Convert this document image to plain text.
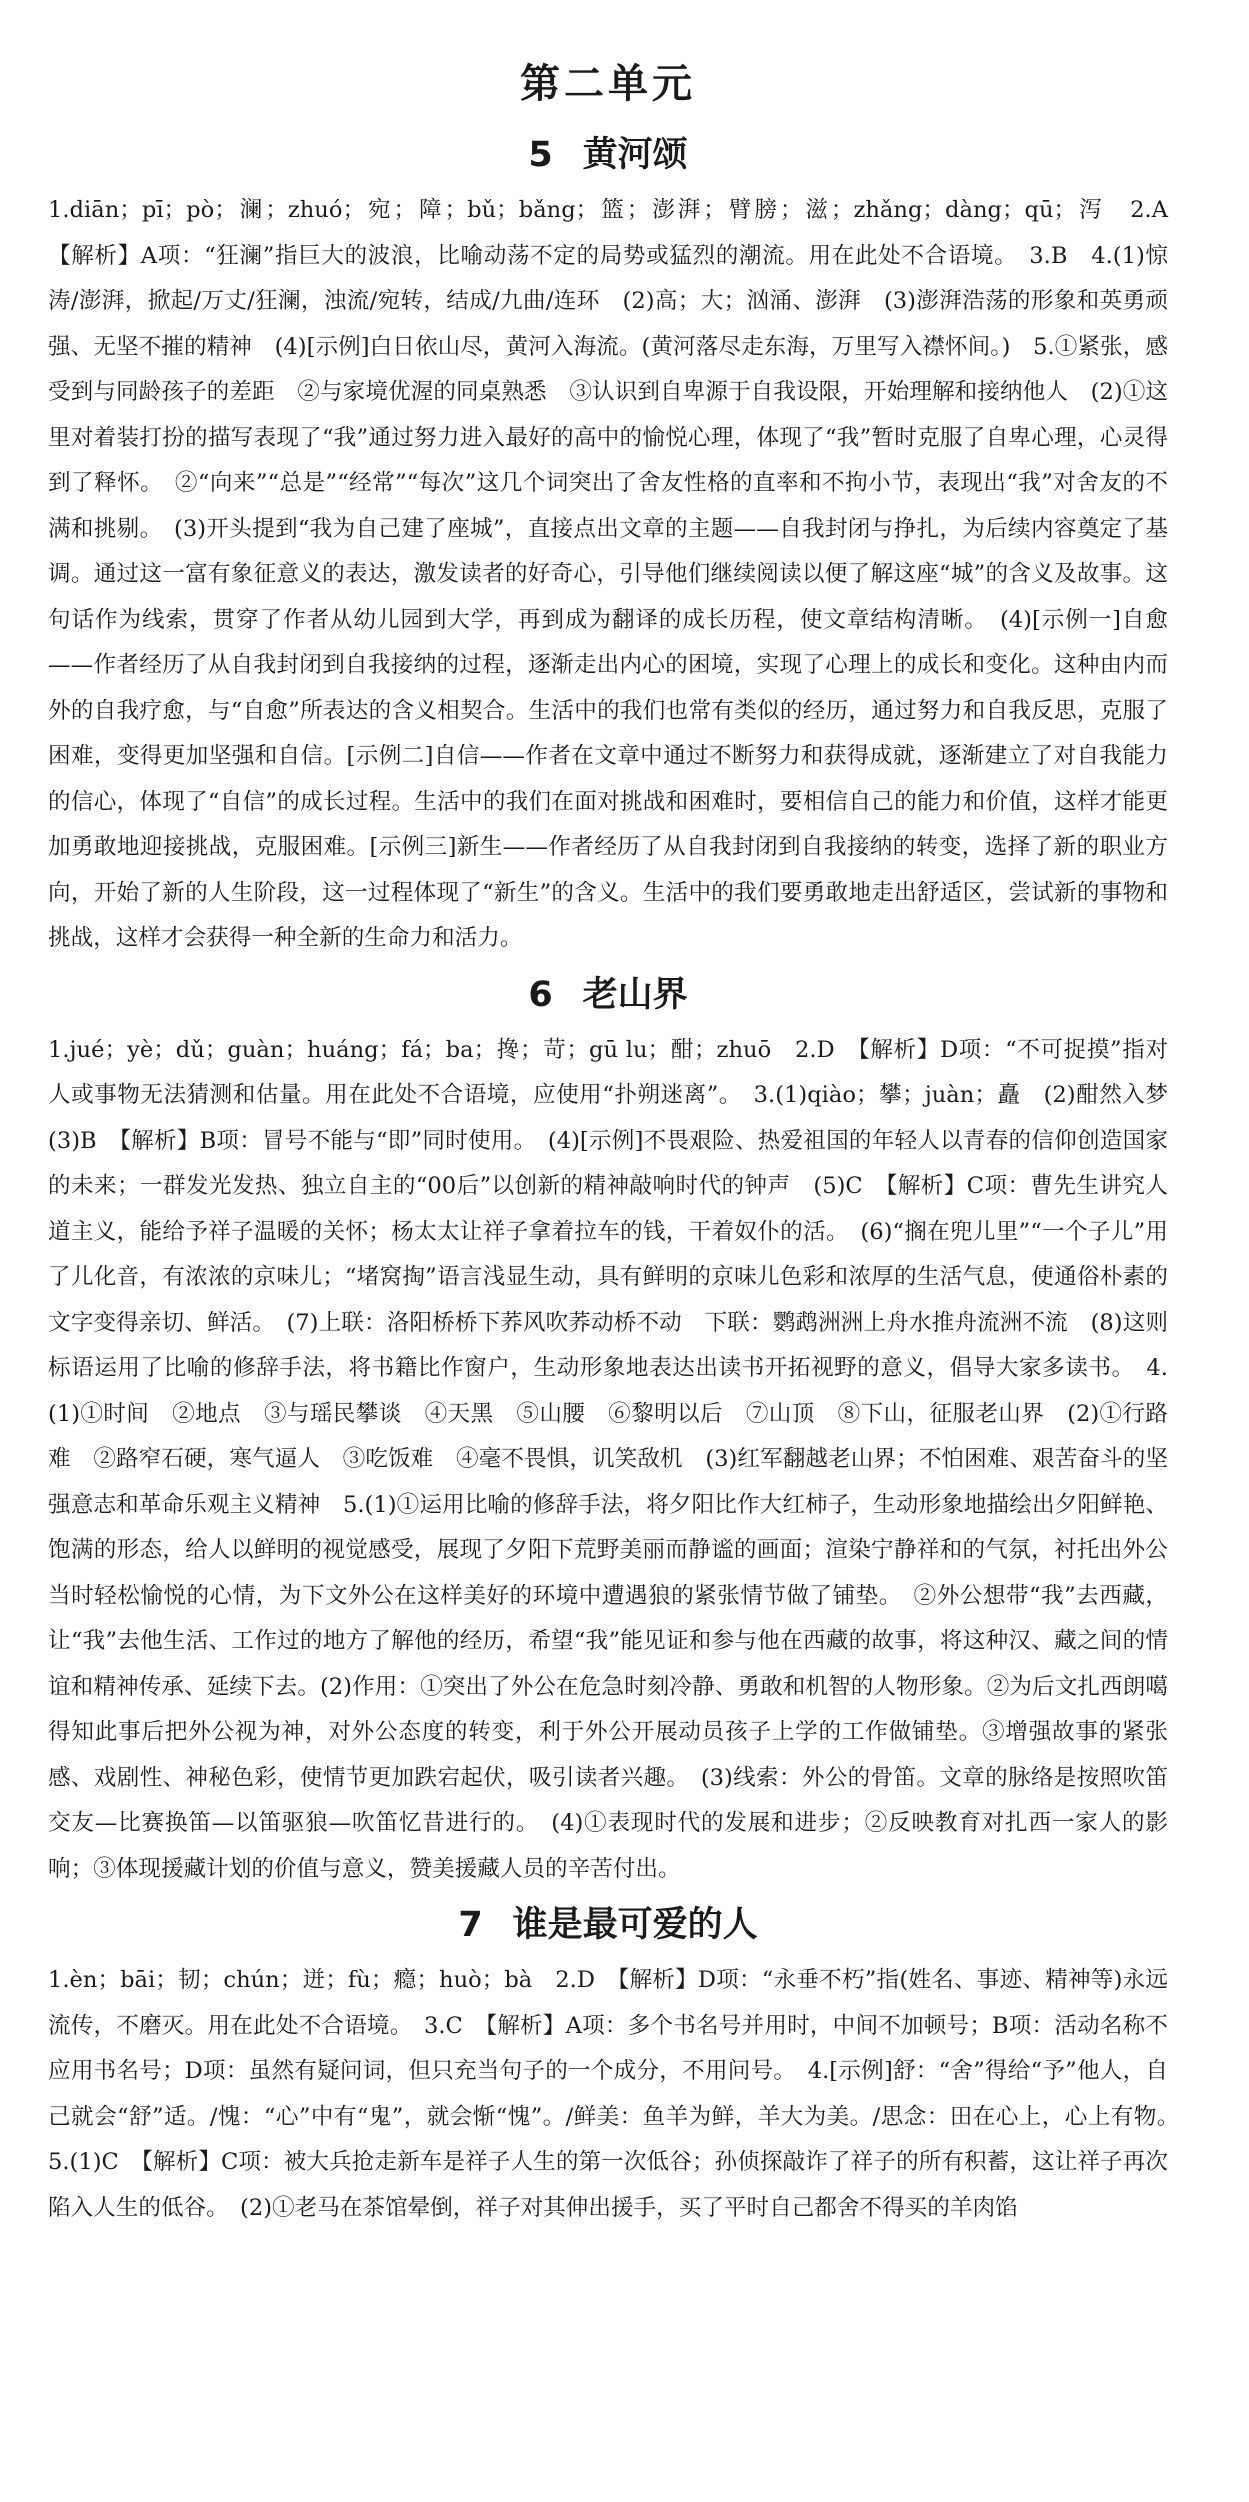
第二单元
5 黄河颂

1.diān；pī；pò；澜；zhuó；宛；障；bǔ；bǎng；篮；澎湃；臂膀；滋；zhǎng；dàng；qū；泻　2.A　【解析】A项：“狂澜”指巨大的波浪，比喻动荡不定的局势或猛烈的潮流。用在此处不合语境。　3.B　4.(1)惊涛/澎湃，掀起/万丈/狂澜，浊流/宛转，结成/九曲/连环　(2)高；大；汹涌、澎湃　(3)澎湃浩荡的形象和英勇顽强、无坚不摧的精神　(4)[示例]白日依山尽，黄河入海流。(黄河落尽走东海，万里写入襟怀间。)　5.①紧张，感受到与同龄孩子的差距　②与家境优渥的同桌熟悉　③认识到自卑源于自我设限，开始理解和接纳他人　(2)①这里对着装打扮的描写表现了“我”通过努力进入最好的高中的愉悦心理，体现了“我”暂时克服了自卑心理，心灵得到了释怀。　②“向来”“总是”“经常”“每次”这几个词突出了舍友性格的直率和不拘小节，表现出“我”对舍友的不满和挑剔。　(3)开头提到“我为自己建了座城”，直接点出文章的主题——自我封闭与挣扎，为后续内容奠定了基调。通过这一富有象征意义的表达，激发读者的好奇心，引导他们继续阅读以便了解这座“城”的含义及故事。这句话作为线索，贯穿了作者从幼儿园到大学，再到成为翻译的成长历程，使文章结构清晰。　(4)[示例一]自愈——作者经历了从自我封闭到自我接纳的过程，逐渐走出内心的困境，实现了心理上的成长和变化。这种由内而外的自我疗愈，与“自愈”所表达的含义相契合。生活中的我们也常有类似的经历，通过努力和自我反思，克服了困难，变得更加坚强和自信。[示例二]自信——作者在文章中通过不断努力和获得成就，逐渐建立了对自我能力的信心，体现了“自信”的成长过程。生活中的我们在面对挑战和困难时，要相信自己的能力和价值，这样才能更加勇敢地迎接挑战，克服困难。[示例三]新生——作者经历了从自我封闭到自我接纳的转变，选择了新的职业方向，开始了新的人生阶段，这一过程体现了“新生”的含义。生活中的我们要勇敢地走出舒适区，尝试新的事物和挑战，这样才会获得一种全新的生命力和活力。

6 老山界

1.jué；yè；dǔ；guàn；huáng；fá；ba；搀；苛；gū lu；酣；zhuō　2.D　【解析】D项：“不可捉摸”指对人或事物无法猜测和估量。用在此处不合语境，应使用“扑朔迷离”。　3.(1)qiào；攀；juàn；矗　(2)酣然入梦　(3)B　【解析】B项：冒号不能与“即”同时使用。　(4)[示例]不畏艰险、热爱祖国的年轻人以青春的信仰创造国家的未来；一群发光发热、独立自主的“00后”以创新的精神敲响时代的钟声　(5)C　【解析】C项：曹先生讲究人道主义，能给予祥子温暖的关怀；杨太太让祥子拿着拉车的钱，干着奴仆的活。　(6)“搁在兜儿里”“一个子儿”用了儿化音，有浓浓的京味儿；“堵窝掏”语言浅显生动，具有鲜明的京味儿色彩和浓厚的生活气息，使通俗朴素的文字变得亲切、鲜活。　(7)上联：洛阳桥桥下荞风吹荞动桥不动　下联：鹦鹉洲洲上舟水推舟流洲不流　(8)这则标语运用了比喻的修辞手法，将书籍比作窗户，生动形象地表达出读书开拓视野的意义，倡导大家多读书。　4.(1)①时间　②地点　③与瑶民攀谈　④天黑　⑤山腰　⑥黎明以后　⑦山顶　⑧下山，征服老山界　(2)①行路难　②路窄石硬，寒气逼人　③吃饭难　④毫不畏惧，讥笑敌机　(3)红军翻越老山界；不怕困难、艰苦奋斗的坚强意志和革命乐观主义精神　5.(1)①运用比喻的修辞手法，将夕阳比作大红柿子，生动形象地描绘出夕阳鲜艳、饱满的形态，给人以鲜明的视觉感受，展现了夕阳下荒野美丽而静谧的画面；渲染宁静祥和的气氛，衬托出外公当时轻松愉悦的心情，为下文外公在这样美好的环境中遭遇狼的紧张情节做了铺垫。　②外公想带“我”去西藏，让“我”去他生活、工作过的地方了解他的经历，希望“我”能见证和参与他在西藏的故事，将这种汉、藏之间的情谊和精神传承、延续下去。(2)作用：①突出了外公在危急时刻冷静、勇敢和机智的人物形象。②为后文扎西朗噶得知此事后把外公视为神，对外公态度的转变，利于外公开展动员孩子上学的工作做铺垫。③增强故事的紧张感、戏剧性、神秘色彩，使情节更加跌宕起伏，吸引读者兴趣。　(3)线索：外公的骨笛。文章的脉络是按照吹笛交友—比赛换笛—以笛驱狼—吹笛忆昔进行的。　(4)①表现时代的发展和进步；②反映教育对扎西一家人的影响；③体现援藏计划的价值与意义，赞美援藏人员的辛苦付出。

7 谁是最可爱的人

1.èn；bāi；韧；chún；迸；fù；瘾；huò；bà　2.D　【解析】D项：“永垂不朽”指(姓名、事迹、精神等)永远流传，不磨灭。用在此处不合语境。　3.C　【解析】A项：多个书名号并用时，中间不加顿号；B项：活动名称不应用书名号；D项：虽然有疑问词，但只充当句子的一个成分，不用问号。　4.[示例]舒：“舍”得给“予”他人，自己就会“舒”适。/愧：“心”中有“鬼”，就会惭“愧”。/鲜美：鱼羊为鲜，羊大为美。/思念：田在心上，心上有物。　5.(1)C　【解析】C项：被大兵抢走新车是祥子人生的第一次低谷；孙侦探敲诈了祥子的所有积蓄，这让祥子再次陷入人生的低谷。　(2)①老马在茶馆晕倒，祥子对其伸出援手，买了平时自己都舍不得买的羊肉馅
